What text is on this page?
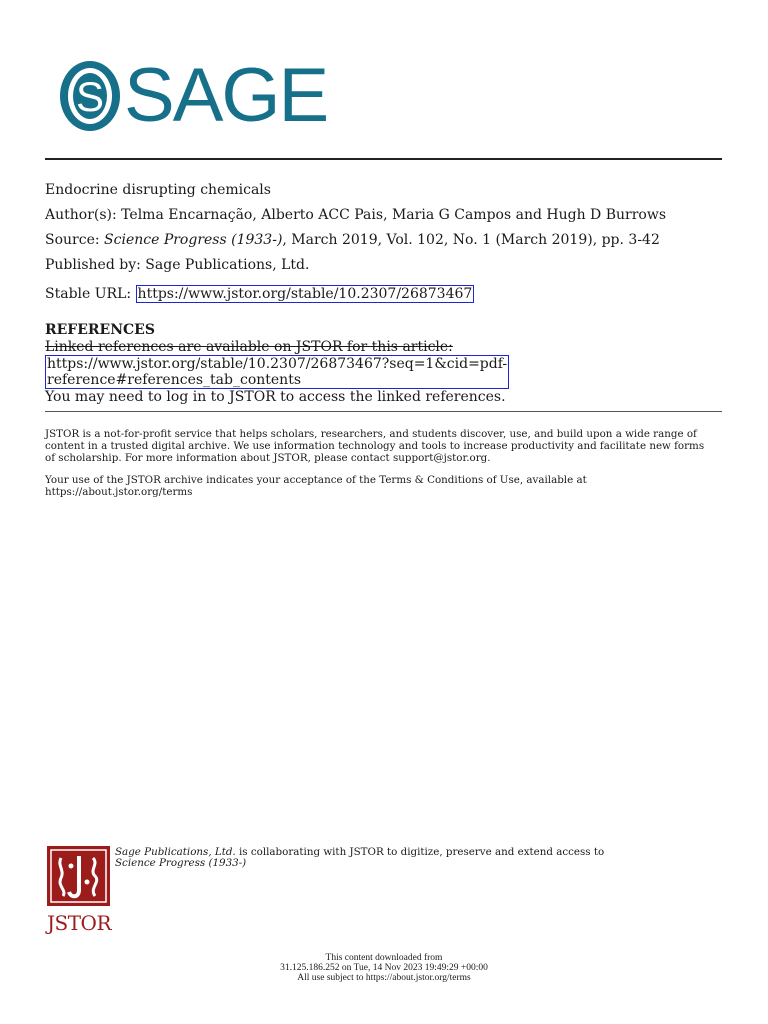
S SAGE
Endocrine disrupting chemicals
Author(s): Telma Encarnação, Alberto ACC Pais, Maria G Campos and Hugh D Burrows
Source: Science Progress (1933-), March 2019, Vol. 102, No. 1 (March 2019), pp. 3-42
Published by: Sage Publications, Ltd.
Stable URL: https://www.jstor.org/stable/10.2307/26873467
REFERENCES
Linked references are available on JSTOR for this article:
https://www.jstor.org/stable/10.2307/26873467?seq=1&cid=pdf-
reference#references_tab_contents
You may need to log in to JSTOR to access the linked references.

JSTOR is a not-for-profit service that helps scholars, researchers, and students discover, use, and build upon a wide range of content in a trusted digital archive. We use information technology and tools to increase productivity and facilitate new forms of scholarship. For more information about JSTOR, please contact support@jstor.org.

Your use of the JSTOR archive indicates your acceptance of the Terms & Conditions of Use, available at https://about.jstor.org/terms

JSTOR
Sage Publications, Ltd. is collaborating with JSTOR to digitize, preserve and extend access to
Science Progress (1933-)
This content downloaded from
31.125.186.252 on Tue, 14 Nov 2023 19:49:29 +00:00
All use subject to https://about.jstor.org/terms
